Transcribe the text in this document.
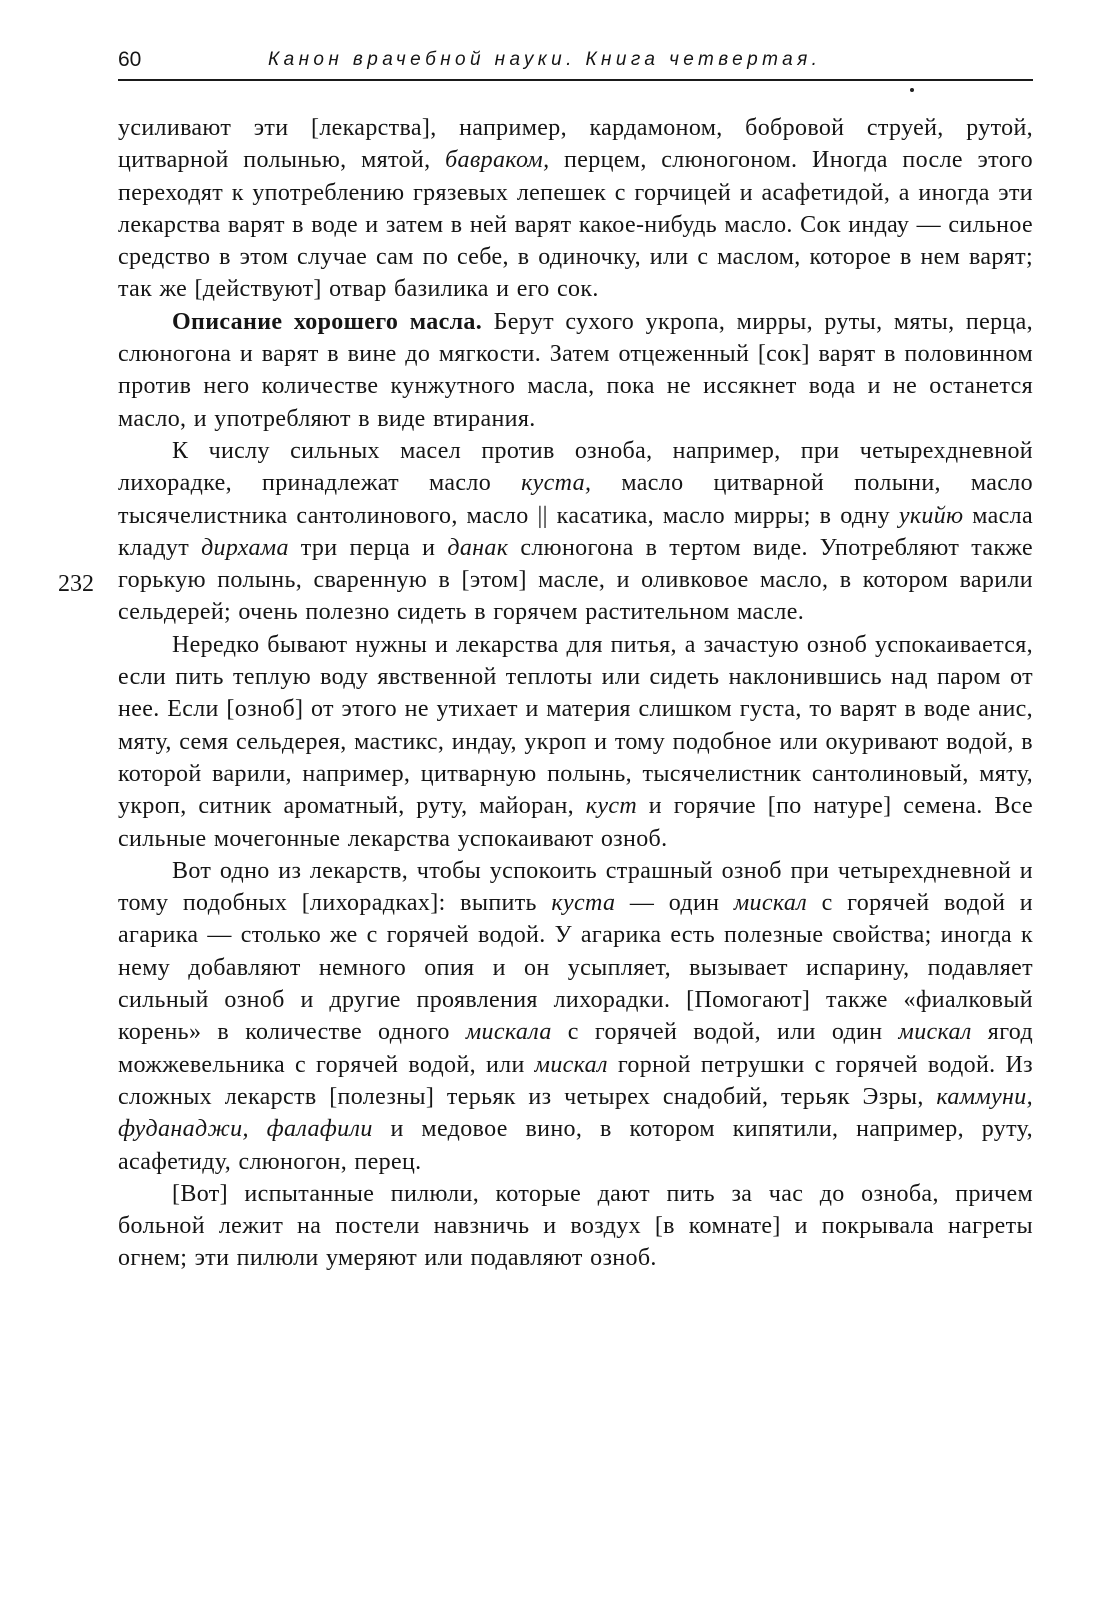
60	Канон врачебной науки. Книга четвертая.
232

усиливают эти [лекарства], например, кардамоном, бобровой струей, рутой, цитварной полынью, мятой, бавраком, перцем, слюногоном. Иногда после этого переходят к употреблению грязевых лепешек с горчицей и асафетидой, а иногда эти лекарства варят в воде и затем в ней варят какое-нибудь масло. Сок индау — сильное средство в этом случае сам по себе, в одиночку, или с маслом, которое в нем варят; так же [действуют] отвар базилика и его сок.

Описание хорошего масла. Берут сухого укропа, мирры, руты, мяты, перца, слюногона и варят в вине до мягкости. Затем отцеженный [сок] варят в половинном против него количестве кунжутного масла, пока не иссякнет вода и не останется масло, и употребляют в виде втирания.

К числу сильных масел против озноба, например, при четырехдневной лихорадке, принадлежат масло куста, масло цитварной полыни, масло тысячелистника сантолинового, масло || касатика, масло мирры; в одну укийю масла кладут дирхама три перца и данак слюногона в тертом виде. Употребляют также горькую полынь, сваренную в [этом] масле, и оливковое масло, в котором варили сельдерей; очень полезно сидеть в горячем растительном масле.

Нередко бывают нужны и лекарства для питья, а зачастую озноб успокаивается, если пить теплую воду явственной теплоты или сидеть наклонившись над паром от нее. Если [озноб] от этого не утихает и материя слишком густа, то варят в воде анис, мяту, семя сельдерея, мастикс, индау, укроп и тому подобное или окуривают водой, в которой варили, например, цитварную полынь, тысячелистник сантолиновый, мяту, укроп, ситник ароматный, руту, майоран, куст и горячие [по натуре] семена. Все сильные мочегонные лекарства успокаивают озноб.

Вот одно из лекарств, чтобы успокоить страшный озноб при четырехдневной и тому подобных [лихорадках]: выпить куста — один мискал с горячей водой и агарика — столько же с горячей водой. У агарика есть полезные свойства; иногда к нему добавляют немного опия и он усыпляет, вызывает испарину, подавляет сильный озноб и другие проявления лихорадки. [Помогают] также «фиалковый корень» в количестве одного мискала с горячей водой, или один мискал ягод можжевельника с горячей водой, или мискал горной петрушки с горячей водой. Из сложных лекарств [полезны] терьяк из четырех снадобий, терьяк Эзры, каммуни, фуданаджи, фалафили и медовое вино, в котором кипятили, например, руту, асафетиду, слюногон, перец.

[Вот] испытанные пилюли, которые дают пить за час до озноба, причем больной лежит на постели навзничь и воздух [в комнате] и покрывала нагреты огнем; эти пилюли умеряют или подавляют озноб.
